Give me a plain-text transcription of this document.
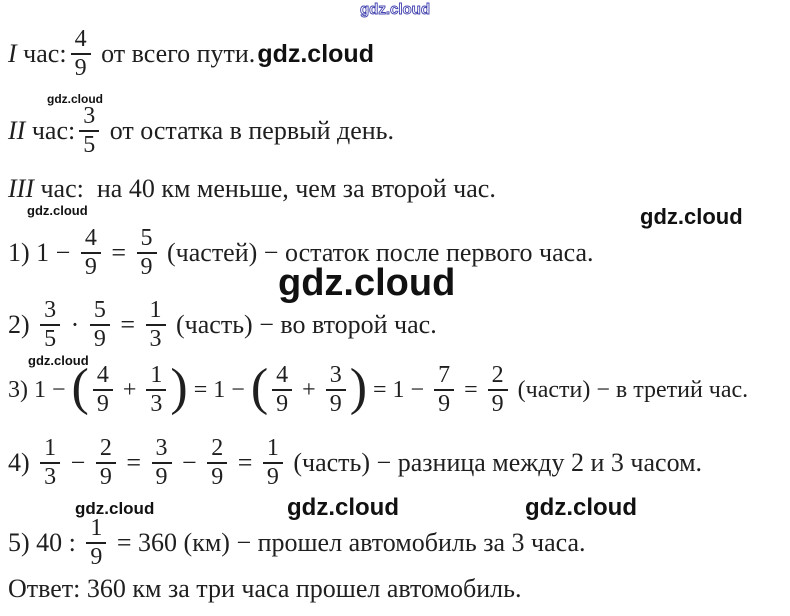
gdz.cloud
I час: $\frac{4}{9}$ от всего пути. gdz.cloud
gdz.cloud
II час: $\frac{3}{5}$ от остатка в первый день.
III час:  на 40 км меньше, чем за второй час.
gdz.cloud	gdz.cloud
1) $1 - \frac{4}{9} = \frac{5}{9}$ (частей) − остаток после первого часа.
gdz.cloud
$2) \frac{3}{5} \cdot \frac{5}{9} = \frac{1}{3}$ (часть) − во второй час.
gdz.cloud
3) 1 − ( $\frac{4}{9} + \frac{1}{3}$ ) = 1 − ( $\frac{4}{9} + \frac{3}{9}$ ) = $1 - \frac{7}{9} = \frac{2}{9}$ (части) − в третий час.
$4) \frac{1}{3} - \frac{2}{9} = \frac{3}{9} - \frac{2}{9} = \frac{1}{9}$ (часть) − разница между 2 и 3 часом.
gdz.cloud	gdz.cloud	gdz.cloud
5) 40 : $\frac{1}{9} = 360$ (км) − прошел автомобиль за 3 часа.
Ответ: 360 км за три часа прошел автомобиль.
